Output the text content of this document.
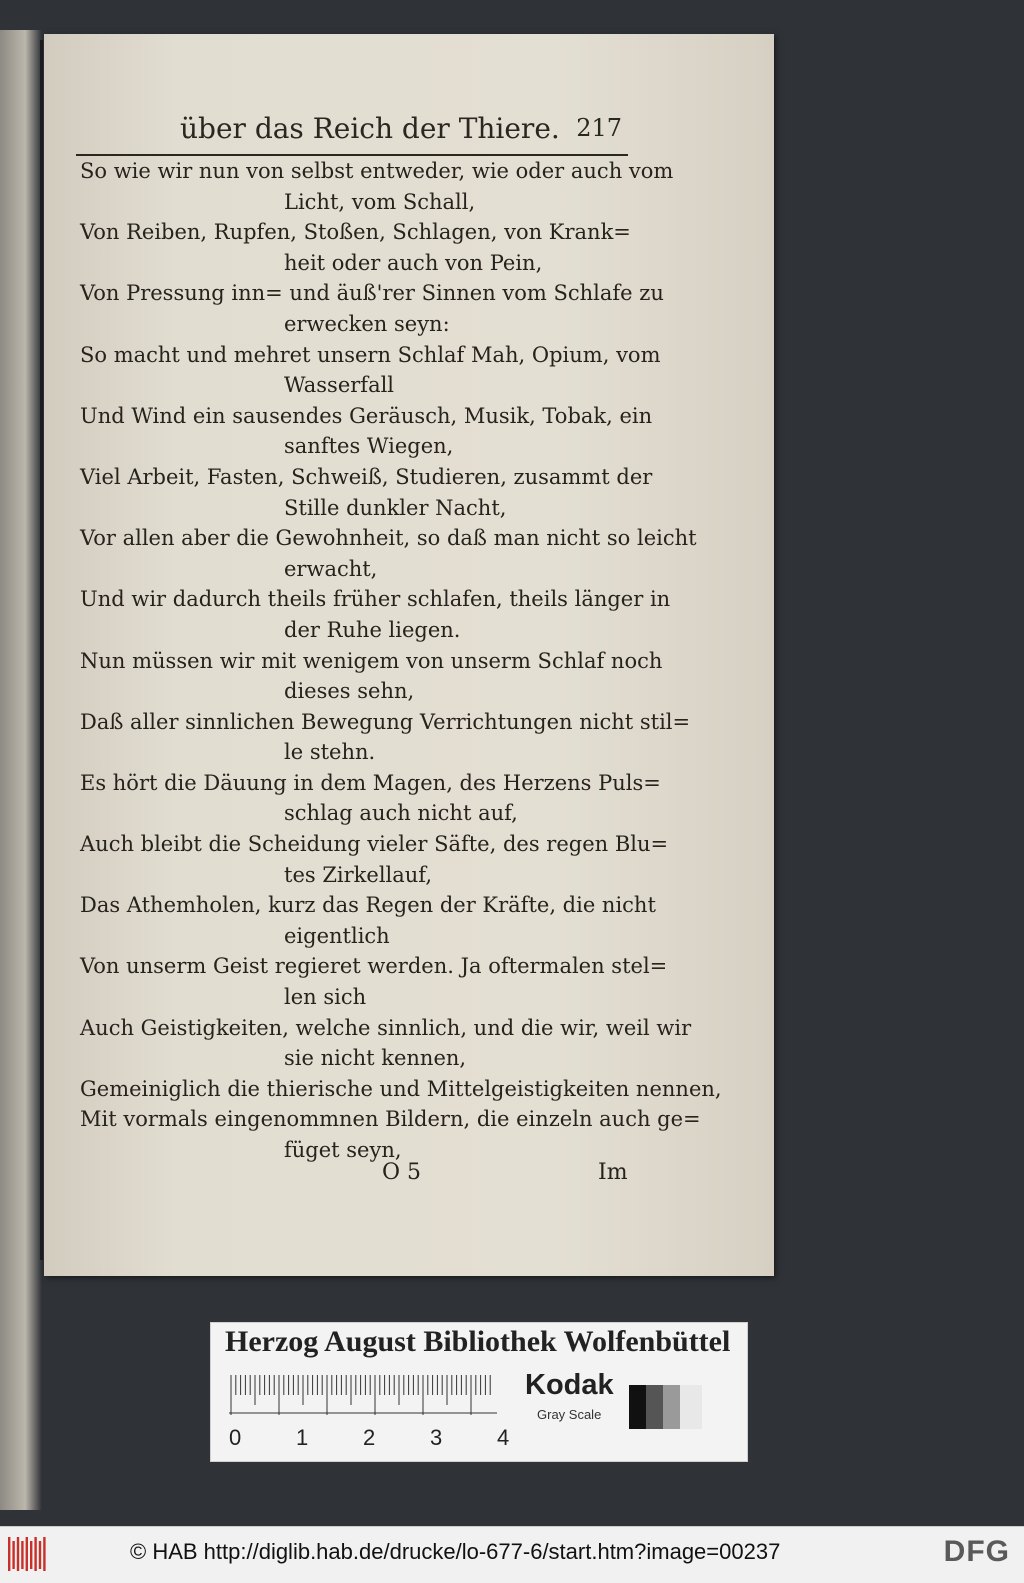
über das Reich der Thiere. 217
So wie wir nun von selbst entweder, wie oder auch vom
Licht, vom Schall,
Von Reiben, Rupfen, Stoßen, Schlagen, von Krank=
heit oder auch von Pein,
Von Pressung inn= und äuß'rer Sinnen vom Schlafe zu
erwecken seyn:
So macht und mehret unsern Schlaf Mah, Opium, vom
Wasserfall
Und Wind ein sausendes Geräusch, Musik, Tobak, ein
sanftes Wiegen,
Viel Arbeit, Fasten, Schweiß, Studieren, zusammt der
Stille dunkler Nacht,
Vor allen aber die Gewohnheit, so daß man nicht so leicht
erwacht,
Und wir dadurch theils früher schlafen, theils länger in
der Ruhe liegen.
Nun müssen wir mit wenigem von unserm Schlaf noch
dieses sehn,
Daß aller sinnlichen Bewegung Verrichtungen nicht stil=
le stehn.
Es hört die Däuung in dem Magen, des Herzens Puls=
schlag auch nicht auf,
Auch bleibt die Scheidung vieler Säfte, des regen Blu=
tes Zirkellauf,
Das Athemholen, kurz das Regen der Kräfte, die nicht
eigentlich
Von unserm Geist regieret werden. Ja oftermalen stel=
len sich
Auch Geistigkeiten, welche sinnlich, und die wir, weil wir
sie nicht kennen,
Gemeiniglich die thierische und Mittelgeistigkeiten nennen,
Mit vormals eingenommnen Bildern, die einzeln auch ge=
füget seyn,
O 5	Im
Herzog August Bibliothek Wolfenbüttel
0 1 2 3 4
Kodak
Gray Scale
© HAB http://diglib.hab.de/drucke/lo-677-6/start.htm?image=00237	DFG
